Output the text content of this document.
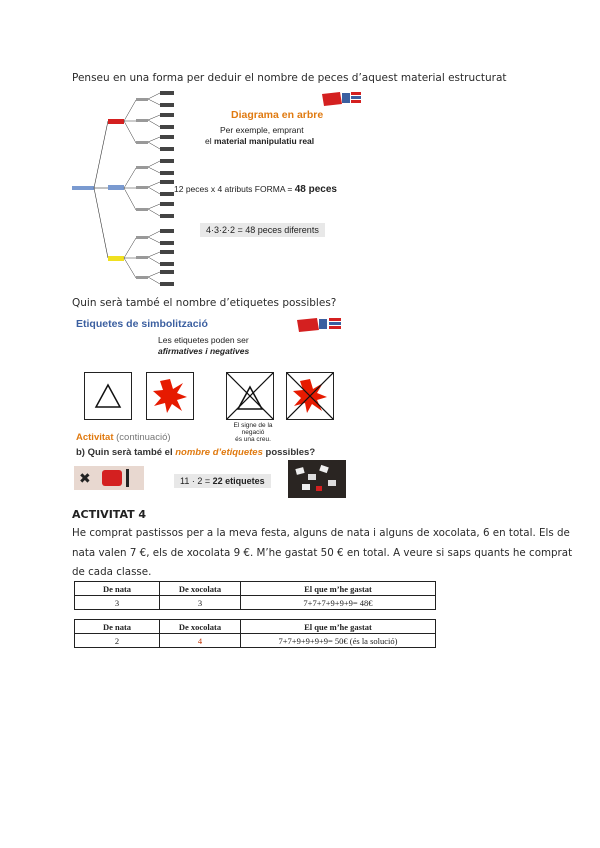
Penseu en una forma per deduir el nombre de peces d’aquest material estructurat
Diagrama en arbre
Per exemple, emprant
el material manipulatiu real
12 peces x 4 atributs FORMA = 48 peces
4·3·2·2 = 48 peces diferents
Quin serà també el nombre d’etiquetes possibles?
Etiquetes de simbolització
Les etiquetes poden ser
afirmatives i negatives
El signe de la negació
és una creu.
Activitat (continuació)
b) Quin serà també el nombre d’etiquetes possibles?
✖	11 · 2 = 22 etiquetes
ACTIVITAT 4
He comprat pastissos per a la meva festa, alguns de nata i alguns de xocolata, 6 en total. Els de
nata valen 7 €, els de xocolata 9 €. M’he gastat 50 € en total. A veure si saps quants he comprat
de cada classe.
De nata	De xocolata	El que m’he gastat
3	3	7+7+7+9+9+9= 48€
De nata	De xocolata	El que m’he gastat
2	4	7+7+9+9+9+9= 50€ (és la solució)
